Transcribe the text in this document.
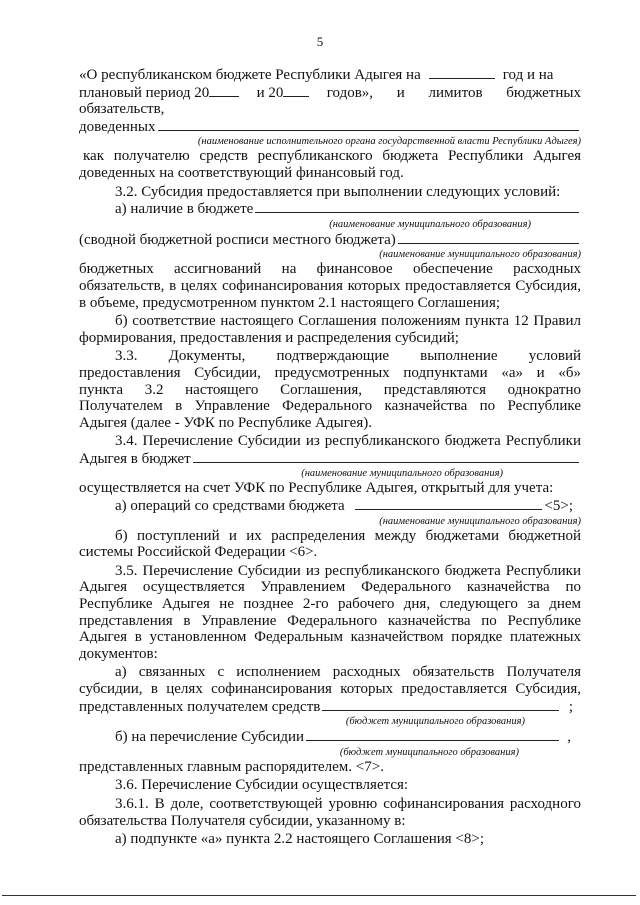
5
«О республиканском бюджете Республики Адыгея на	год и на
плановый период 20	и 20	годов», и лимитов бюджетных

обязательств,

доведенных

(наименование исполнительного органа государственной власти Республики Адыгея)

как получателю средств республиканского бюджета Республики Адыгея

доведенных на соответствующий финансовый год.

3.2. Субсидия предоставляется при выполнении следующих условий:

а) наличие в бюджете

(наименование муниципального образования)

(сводной бюджетной росписи местного бюджета)

(наименование муниципального образования)

бюджетных ассигнований на финансовое обеспечение расходных

обязательств, в целях софинансирования которых предоставляется Субсидия,

в объеме, предусмотренном пунктом 2.1 настоящего Соглашения;

б) соответствие настоящего Соглашения положениям пункта 12 Правил

формирования, предоставления и распределения субсидий;

3.3. Документы, подтверждающие выполнение условий

предоставления Субсидии, предусмотренных подпунктами «а» и «б»

пункта 3.2 настоящего Соглашения, представляются однократно

Получателем в Управление Федерального казначейства по Республике

Адыгея (далее - УФК по Республике Адыгея).

3.4. Перечисление Субсидии из республиканского бюджета Республики

Адыгея в бюджет

(наименование муниципального образования)

осуществляется на счет УФК по Республике Адыгея, открытый для учета:

а) операций со средствами бюджета	<5>;

(наименование муниципального образования)

б) поступлений и их распределения между бюджетами бюджетной

системы Российской Федерации <6>.

3.5. Перечисление Субсидии из республиканского бюджета Республики

Адыгея осуществляется Управлением Федерального казначейства по

Республике Адыгея не позднее 2-го рабочего дня, следующего за днем

представления в Управление Федерального казначейства по Республике

Адыгея в установленном Федеральным казначейством порядке платежных

документов:

а) связанных с исполнением расходных обязательств Получателя

субсидии, в целях софинансирования которых предоставляется Субсидия,

представленных получателем средств	;

(бюджет муниципального образования)

б) на перечисление Субсидии	,

(бюджет муниципального образования)

представленных главным распорядителем. <7>.

3.6. Перечисление Субсидии осуществляется:

3.6.1. В доле, соответствующей уровню софинансирования расходного

обязательства Получателя субсидии, указанному в:

а) подпункте «а» пункта 2.2 настоящего Соглашения <8>;
